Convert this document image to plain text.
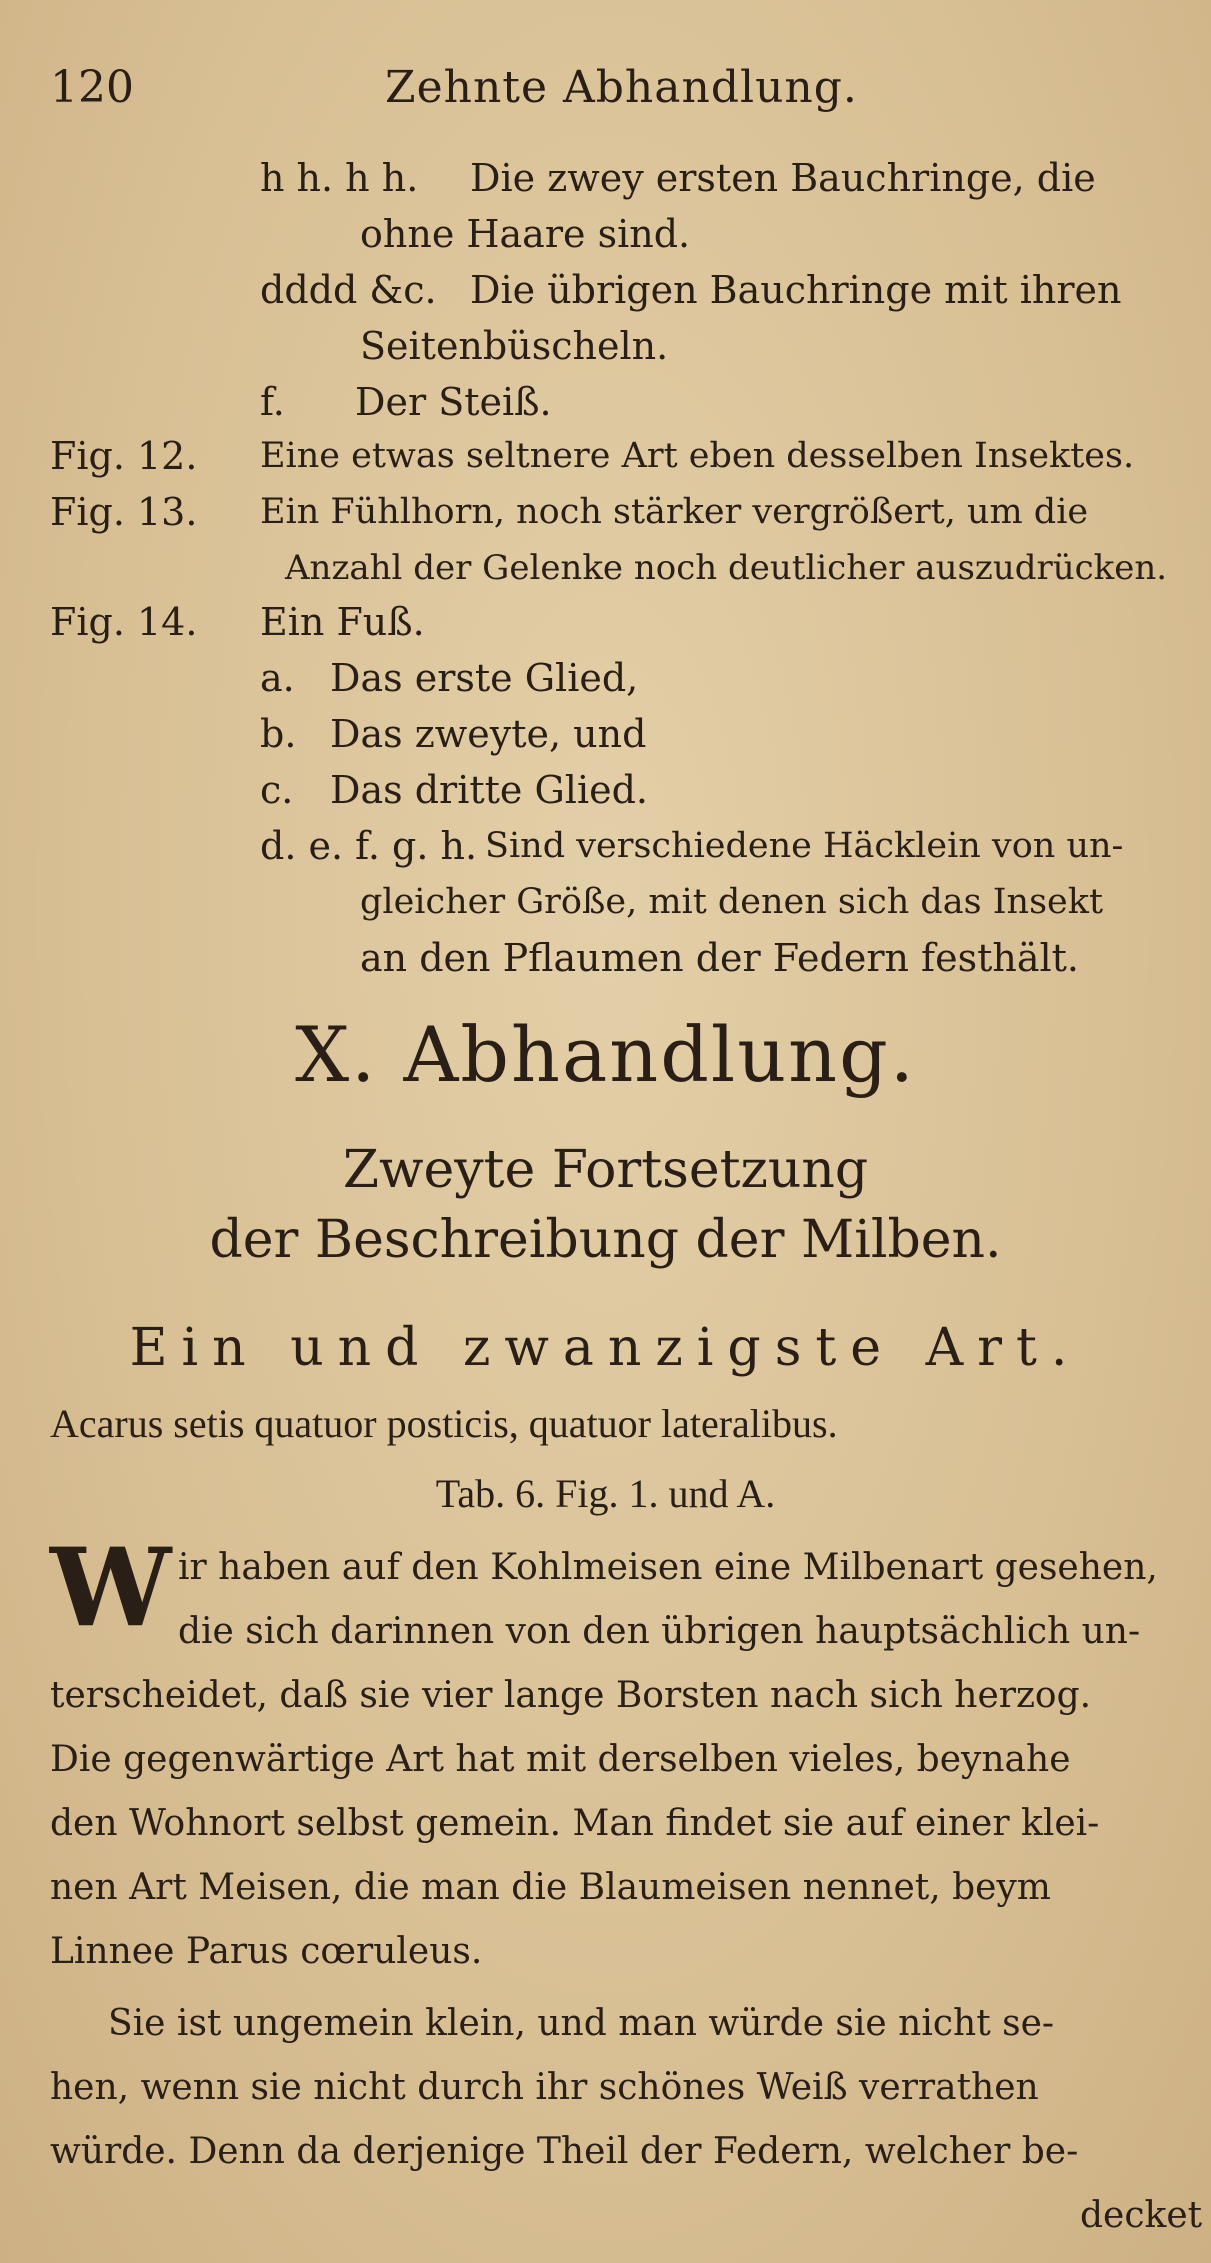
120	Zehnte Abhandlung.
h h. h h. Die zwey ersten Bauchringe, die
ohne Haare sind.
dddd &c. Die übrigen Bauchringe mit ihren
Seitenbüscheln.
f. Der Steiß.
Fig. 12. Eine etwas seltnere Art eben desselben Insektes.
Fig. 13. Ein Fühlhorn, noch stärker vergrößert, um die
Anzahl der Gelenke noch deutlicher auszudrücken.
Fig. 14. Ein Fuß.
a. Das erste Glied,
b. Das zweyte, und
c. Das dritte Glied.
d. e. f. g. h. Sind verschiedene Häcklein von un-
gleicher Größe, mit denen sich das Insekt
an den Pflaumen der Federn festhält.
X. Abhandlung.
Zweyte Fortsetzung
der Beschreibung der Milben.
Ein und zwanzigste Art.
Acarus setis quatuor posticis, quatuor lateralibus.
Tab. 6. Fig. 1. und A.
W ir haben auf den Kohlmeisen eine Milbenart gesehen,
die sich darinnen von den übrigen hauptsächlich un-
terscheidet, daß sie vier lange Borsten nach sich herzog.
Die gegenwärtige Art hat mit derselben vieles, beynahe
den Wohnort selbst gemein. Man findet sie auf einer klei-
nen Art Meisen, die man die Blaumeisen nennet, beym
Linnee Parus cœruleus.
Sie ist ungemein klein, und man würde sie nicht se-
hen, wenn sie nicht durch ihr schönes Weiß verrathen
würde. Denn da derjenige Theil der Federn, welcher be-
decket
